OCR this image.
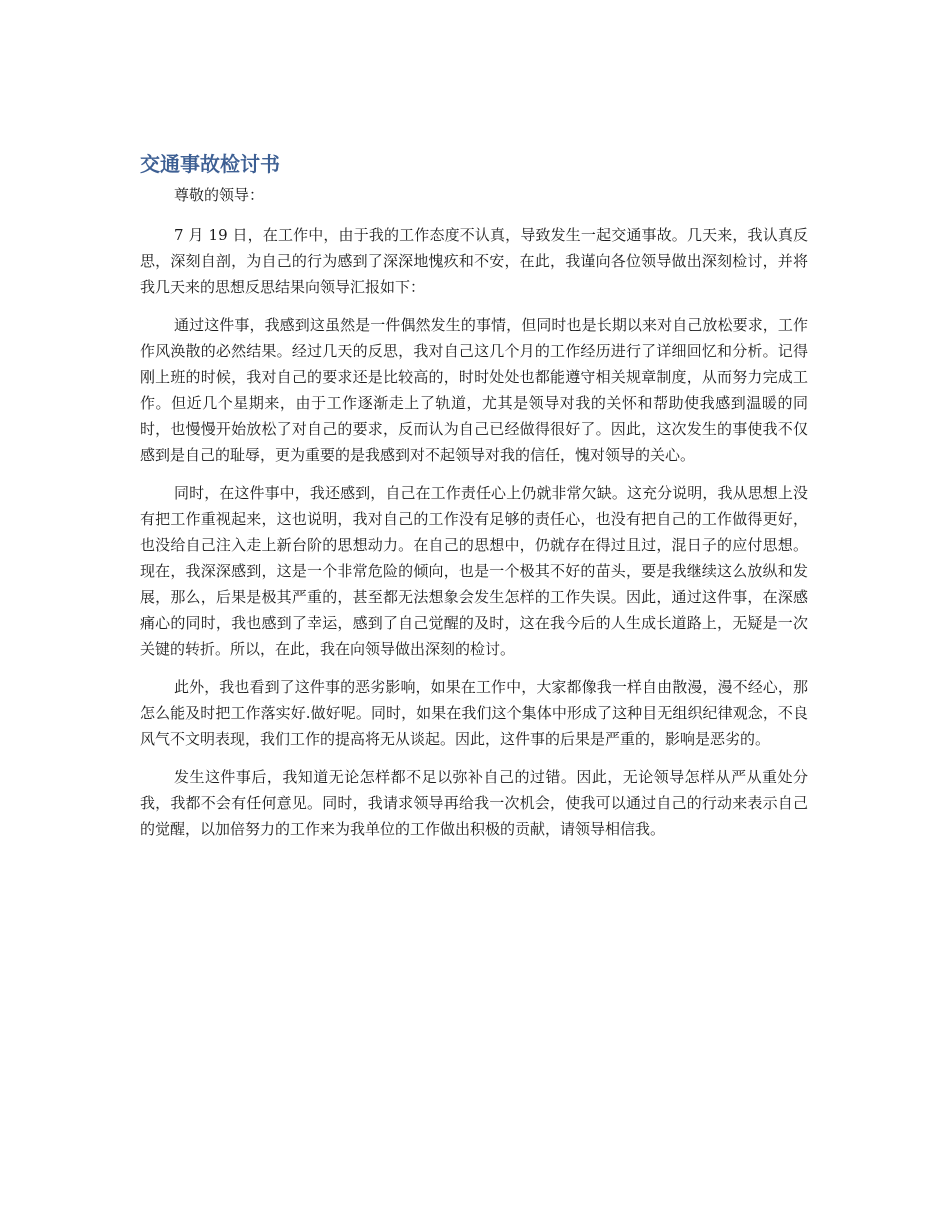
交通事故检讨书

尊敬的领导：

7 月 19 日，在工作中，由于我的工作态度不认真，导致发生一起交通事故。几天来，我认真反思，深刻自剖，为自己的行为感到了深深地愧疚和不安，在此，我谨向各位领导做出深刻检讨，并将我几天来的思想反思结果向领导汇报如下：

通过这件事，我感到这虽然是一件偶然发生的事情，但同时也是长期以来对自己放松要求，工作作风涣散的必然结果。经过几天的反思，我对自己这几个月的工作经历进行了详细回忆和分析。记得刚上班的时候，我对自己的要求还是比较高的，时时处处也都能遵守相关规章制度，从而努力完成工作。但近几个星期来，由于工作逐渐走上了轨道，尤其是领导对我的关怀和帮助使我感到温暖的同时，也慢慢开始放松了对自己的要求，反而认为自己已经做得很好了。因此，这次发生的事使我不仅感到是自己的耻辱，更为重要的是我感到对不起领导对我的信任，愧对领导的关心。

同时，在这件事中，我还感到，自己在工作责任心上仍就非常欠缺。这充分说明，我从思想上没有把工作重视起来，这也说明，我对自己的工作没有足够的责任心，也没有把自己的工作做得更好，也没给自己注入走上新台阶的思想动力。在自己的思想中，仍就存在得过且过，混日子的应付思想。现在，我深深感到，这是一个非常危险的倾向，也是一个极其不好的苗头，要是我继续这么放纵和发展，那么，后果是极其严重的，甚至都无法想象会发生怎样的工作失误。因此，通过这件事，在深感痛心的同时，我也感到了幸运，感到了自己觉醒的及时，这在我今后的人生成长道路上，无疑是一次关键的转折。所以，在此，我在向领导做出深刻的检讨。

此外，我也看到了这件事的恶劣影响，如果在工作中，大家都像我一样自由散漫，漫不经心，那怎么能及时把工作落实好.做好呢。同时，如果在我们这个集体中形成了这种目无组织纪律观念，不良风气不文明表现，我们工作的提高将无从谈起。因此，这件事的后果是严重的，影响是恶劣的。

发生这件事后，我知道无论怎样都不足以弥补自己的过错。因此，无论领导怎样从严从重处分我，我都不会有任何意见。同时，我请求领导再给我一次机会，使我可以通过自己的行动来表示自己的觉醒，以加倍努力的工作来为我单位的工作做出积极的贡献，请领导相信我。
